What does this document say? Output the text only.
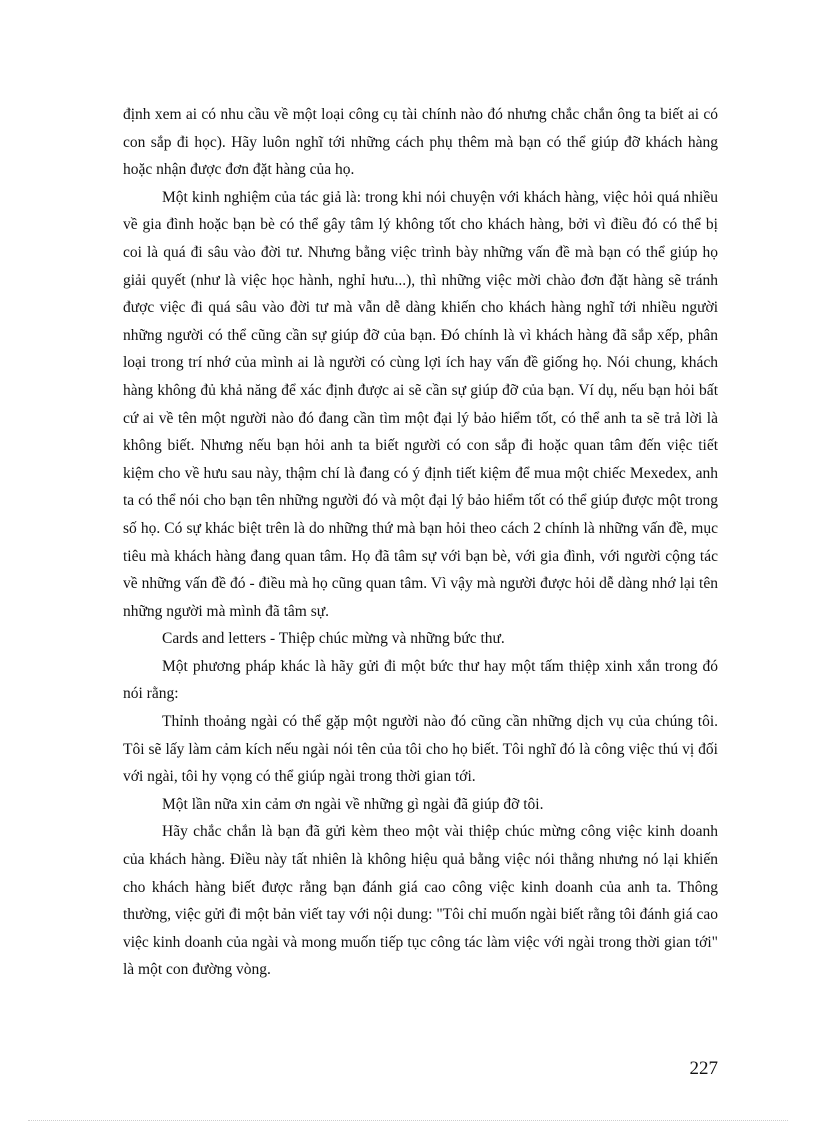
định xem ai có nhu cầu về một loại công cụ tài chính nào đó nhưng chắc chắn ông ta biết ai có con sắp đi học). Hãy luôn nghĩ tới những cách phụ thêm mà bạn có thể giúp đỡ khách hàng hoặc nhận được đơn đặt hàng của họ.

Một kinh nghiệm của tác giả là: trong khi nói chuyện với khách hàng, việc hỏi quá nhiều về gia đình hoặc bạn bè có thể gây tâm lý không tốt cho khách hàng, bởi vì điều đó có thể bị coi là quá đi sâu vào đời tư. Nhưng bằng việc trình bày những vấn đề mà bạn có thể giúp họ giải quyết (như là việc học hành, nghỉ hưu...), thì những việc mời chào đơn đặt hàng sẽ tránh được việc đi quá sâu vào đời tư mà vẫn dễ dàng khiến cho khách hàng nghĩ tới nhiều người những người có thể cũng cần sự giúp đỡ của bạn. Đó chính là vì khách hàng đã sắp xếp, phân loại trong trí nhớ của mình ai là người có cùng lợi ích hay vấn đề giống họ. Nói chung, khách hàng không đủ khả năng để xác định được ai sẽ cần sự giúp đỡ của bạn. Ví dụ, nếu bạn hỏi bất cứ ai về tên một người nào đó đang cần tìm một đại lý bảo hiểm tốt, có thể anh ta sẽ trả lời là không biết. Nhưng nếu bạn hỏi anh ta biết người có con sắp đi hoặc quan tâm đến việc tiết kiệm cho về hưu sau này, thậm chí là đang có ý định tiết kiệm để mua một chiếc Mexedex, anh ta có thể nói cho bạn tên những người đó và một đại lý bảo hiểm tốt có thể giúp được một trong số họ. Có sự khác biệt trên là do những thứ mà bạn hỏi theo cách 2 chính là những vấn đề, mục tiêu mà khách hàng đang quan tâm. Họ đã tâm sự với bạn bè, với gia đình, với người cộng tác về những vấn đề đó - điều mà họ cũng quan tâm. Vì vậy mà người được hỏi dễ dàng nhớ lại tên những người mà mình đã tâm sự.

Cards and letters - Thiệp chúc mừng và những bức thư.

Một phương pháp khác là hãy gửi đi một bức thư hay một tấm thiệp xinh xắn trong đó nói rằng:

Thỉnh thoảng ngài có thể gặp một người nào đó cũng cần những dịch vụ của chúng tôi. Tôi sẽ lấy làm cảm kích nếu ngài nói tên của tôi cho họ biết. Tôi nghĩ đó là công việc thú vị đối với ngài, tôi hy vọng có thể giúp ngài trong thời gian tới.

Một lần nữa xin cảm ơn ngài về những gì ngài đã giúp đỡ tôi.

Hãy chắc chắn là bạn đã gửi kèm theo một vài thiệp chúc mừng công việc kinh doanh của khách hàng. Điều này tất nhiên là không hiệu quả bằng việc nói thẳng nhưng nó lại khiến cho khách hàng biết được rằng bạn đánh giá cao công việc kinh doanh của anh ta. Thông thường, việc gửi đi một bản viết tay với nội dung: "Tôi chỉ muốn ngài biết rằng tôi đánh giá cao việc kinh doanh của ngài và mong muốn tiếp tục công tác làm việc với ngài trong thời gian tới" là một con đường vòng.

227
